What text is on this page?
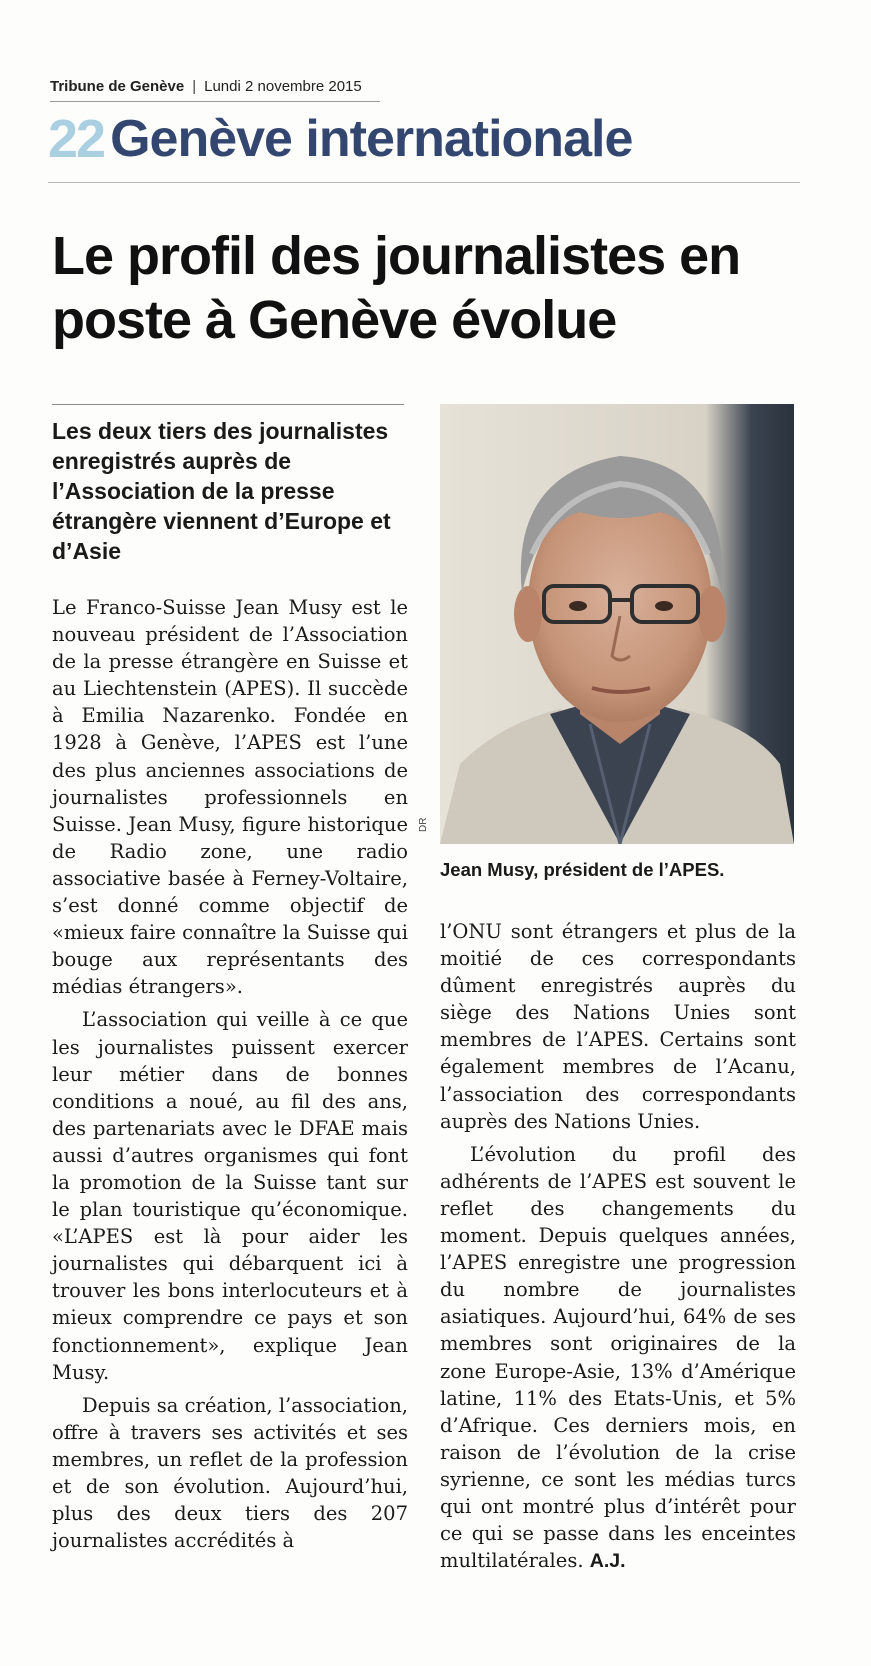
Tribune de Genève | Lundi 2 novembre 2015
22 Genève internationale
Le profil des journalistes en poste à Genève évolue
Les deux tiers des journalistes enregistrés auprès de l’Association de la presse étrangère viennent d’Europe et d’Asie

Le Franco-Suisse Jean Musy est le nouveau président de l’Association de la presse étrangère en Suisse et au Liechtenstein (APES). Il succède à Emilia Nazarenko. Fondée en 1928 à Genève, l’APES est l’une des plus anciennes associations de journalistes professionnels en Suisse. Jean Musy, figure historique de Radio zone, une radio associative basée à Ferney-Voltaire, s’est donné comme objectif de «mieux faire connaître la Suisse qui bouge aux représentants des médias étrangers».

L’association qui veille à ce que les journalistes puissent exercer leur métier dans de bonnes conditions a noué, au fil des ans, des partenariats avec le DFAE mais aussi d’autres organismes qui font la promotion de la Suisse tant sur le plan touristique qu’économique. «L’APES est là pour aider les journalistes qui débarquent ici à trouver les bons interlocuteurs et à mieux comprendre ce pays et son fonctionnement», explique Jean Musy.

Depuis sa création, l’association, offre à travers ses activités et ses membres, un reflet de la profession et de son évolution. Aujourd’hui, plus des deux tiers des 207 journalistes accrédités à

DR
Jean Musy, président de l’APES.

l’ONU sont étrangers et plus de la moitié de ces correspondants dûment enregistrés auprès du siège des Nations Unies sont membres de l’APES. Certains sont également membres de l’Acanu, l’association des correspondants auprès des Nations Unies.

L’évolution du profil des adhérents de l’APES est souvent le reflet des changements du moment. Depuis quelques années, l’APES enregistre une progression du nombre de journalistes asiatiques. Aujourd’hui, 64% de ses membres sont originaires de la zone Europe-Asie, 13% d’Amérique latine, 11% des Etats-Unis, et 5% d’Afrique. Ces derniers mois, en raison de l’évolution de la crise syrienne, ce sont les médias turcs qui ont montré plus d’intérêt pour ce qui se passe dans les enceintes multilatérales. A.J.
